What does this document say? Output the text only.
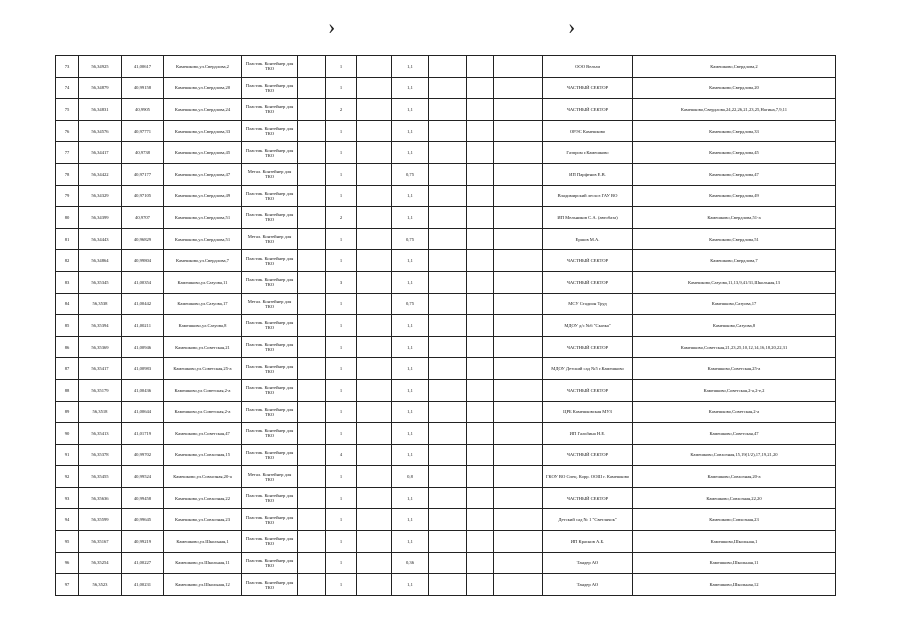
›	›
73	56,34925	41,00617	Камешково,ул.Свердлова,2	Пластик. Контейнер для ТКО		1		1,1				ООО Вельзи	Камешково,Свердлова,2
74	56,34879	40,99158	Камешково,ул.Свердлова,20	Пластик. Контейнер для ТКО		1		1,1				ЧАСТНЫЙ СЕКТОР	Камешково,Свердлова,20
75	56,34831	40,9905	Камешково,ул.Свердлова,24	Пластик. Контейнер для ТКО		2		1,1				ЧАСТНЫЙ СЕКТОР	Камешково,Свердлова,24,22,26,21,23,25,Нагина,7,9,11
76	56,34576	40,97771	Камешково,ул.Свердлова,33	Пластик. Контейнер для ТКО		1		1,1				ОРЭС Камешково	Камешково,Свердлова,33
77	56,34417	40,9738	Камешково,ул.Свердлова,45	Пластик. Контейнер для ТКО		1		1,1				Газпром г.Камешково	Камешково,Свердлова,45
78	56,34422	40,97177	Камешково,ул.Свердлова,47	Метал. Контейнер для ТКО		1		0,75				ИП Парфенов Е.В.	Камешково,Свердлова,47
79	56,34329	40,97105	Камешково,ул.Свердлова,49	Пластик. Контейнер для ТКО		1		1,1				Владимирский лесхоз ГАУ ВО	Камешково,Свердлова,49
80	56,34399	40,9707	Камешково,ул.Свердлова,51	Пластик. Контейнер для ТКО		2		1,1				ИП Мельников С.А. (автобаза)	Камешково,Свердлова,51-а
81	56,34443	40,96829	Камешково,ул.Свердлова,51	Метал. Контейнер для ТКО		1		0,75				Ершов М.А.	Камешково,Свердлова,51
82	56,34864	40,99804	Камешково,ул.Свердлова,7	Пластик. Контейнер для ТКО		1		1,1				ЧАСТНЫЙ СЕКТОР	Камешково,Свердлова,7
83	56,35345	41,00354	Камешково,ул.Сазуова,11	Пластик. Контейнер для ТКО		3		1,1				ЧАСТНЫЙ СЕКТОР	Камешково,Сазуова,11,13,9,41/31,Школьная,13
84	56,3538	41,00442	Камешково,ул.Сазуова,17	Метал. Контейнер для ТКО		1		0,75				МСУ Стадион Труд	Камешково,Сазуова,17
85	56,35394	41,00211	Камешково,ул.Сазуова,8	Пластик. Контейнер для ТКО		1		1,1				МДОУ д/с №6 "Сказка"	Камешково,Сазуова,8
86	56,35369	41,00946	Камешково,ул.Советская,21	Пластик. Контейнер для ТКО		1		1,1				ЧАСТНЫЙ СЕКТОР	Камешково,Советская,21,23,25,10,12,14,16,18,20,22,31
87	56,35417	41,00983	Камешково,ул.Советская,25-а	Пластик. Контейнер для ТКО		1		1,1				МДОУ Детский сад №5 г.Камешково	Камешково,Советская,25-а
88	56,35179	41,00436	Камешково,ул.Советская,2-а	Пластик. Контейнер для ТКО		1		1,1				ЧАСТНЫЙ СЕКТОР	Камешково,Советская,2-а,2-е,2
89	56,3518	41,00644	Камешково,ул.Советская,2-а	Пластик. Контейнер для ТКО		1		1,1				ЦРБ Камешковская МУЗ	Камешково,Советская,2-а
90	56,35413	41,01719	Камешково,ул.Советская,47	Пластик. Контейнер для ТКО		1		1,1				ИП Гальбина Н.Е.	Камешково,Советская,47
91	56,35378	40,99702	Камешково,ул.Совхозная,15	Пластик. Контейнер для ТКО		4		1,1				ЧАСТНЫЙ СЕКТОР	Камешково,Совхозная,15,19(1/2),17,19,21,20
92	56,35455	40,99524	Камешково,ул.Совхозная,20-а	Метал. Контейнер для ТКО		1		0,8				ГКОУ ВО Спец. Корр. ООШ г. Камешково	Камешково,Совхозная,20-а
93	56,35636	40,99458	Камешково,ул.Совхозная,22	Пластик. Контейнер для ТКО		1		1,1				ЧАСТНЫЙ СЕКТОР	Камешково,Совхозная,22,20
94	56,35599	40,99645	Камешково,ул.Совхозная,23	Пластик. Контейнер для ТКО		1		1,1				Детский сад № 1 "Светлячок"	Камешково,Совхозная,23
95	56,35167	40,99219	Камешково,ул.Школьная,1	Пластик. Контейнер для ТКО		1		1,1				ИП Краснов А.Б.	Камешково,Школьная,1
96	56,35254	41,00227	Камешково,ул.Школьная,11	Пластик. Контейнер для ТКО		1		0,36				Тандер АО	Камешково,Школьная,11
97	56,3523	41,00231	Камешково,ул.Школьная,12	Пластик. Контейнер для ТКО		1		1,1				Тандер АО	Камешково,Школьная,12
